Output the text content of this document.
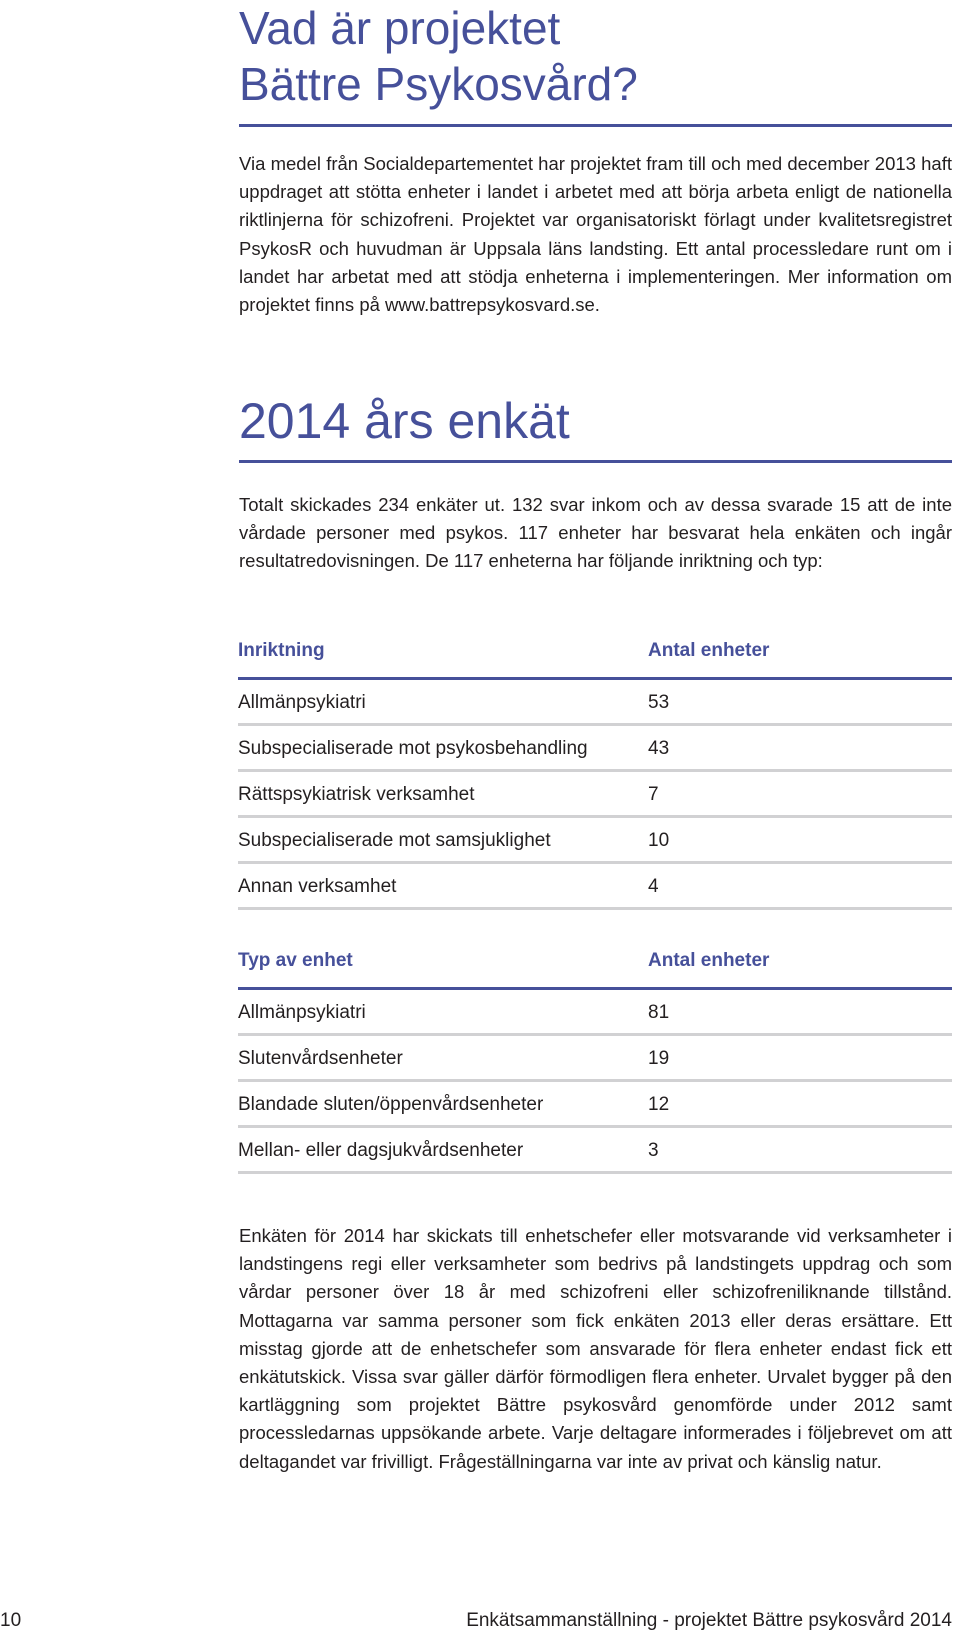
Vad är projektet
Bättre Psykosvård?

Via medel från Socialdepartementet har projektet fram till och med december 2013 haft uppdraget att stötta enheter i landet i arbetet med att börja arbeta enligt de nationella riktlinjerna för schizofreni. Projektet var organisatoriskt förlagt under kvalitetsregistret PsykosR och huvudman är Uppsala läns landsting. Ett antal processledare runt om i landet har arbetat med att stödja enheterna i implementeringen. Mer information om projektet finns på www.battrepsykosvard.se.

2014 års enkät

Totalt skickades 234 enkäter ut. 132 svar inkom och av dessa svarade 15 att de inte vårdade personer med psykos. 117 enheter har besvarat hela enkäten och ingår resultatredovisningen. De 117 enheterna har följande inriktning och typ:

Inriktning	Antal enheter
Allmänpsykiatri	53
Subspecialiserade mot psykosbehandling	43
Rättspsykiatrisk verksamhet	7
Subspecialiserade mot samsjuklighet	10
Annan verksamhet	4
Typ av enhet	Antal enheter
Allmänpsykiatri	81
Slutenvårdsenheter	19
Blandade sluten/öppenvårdsenheter	12
Mellan- eller dagsjukvårdsenheter	3

Enkäten för 2014 har skickats till enhetschefer eller motsvarande vid verksamheter i landstingens regi eller verksamheter som bedrivs på landstingets uppdrag och som vårdar personer över 18 år med schizofreni eller schizofreniliknande tillstånd. Mottagarna var samma personer som fick enkäten 2013 eller deras ersättare. Ett misstag gjorde att de enhetschefer som ansvarade för flera enheter endast fick ett enkätutskick. Vissa svar gäller därför förmodligen flera enheter. Urvalet bygger på den kartläggning som projektet Bättre psykosvård genomförde under 2012 samt processledarnas uppsökande arbete. Varje deltagare informerades i följebrevet om att deltagandet var frivilligt. Frågeställningarna var inte av privat och känslig natur.

10	Enkätsammanställning - projektet Bättre psykosvård 2014
